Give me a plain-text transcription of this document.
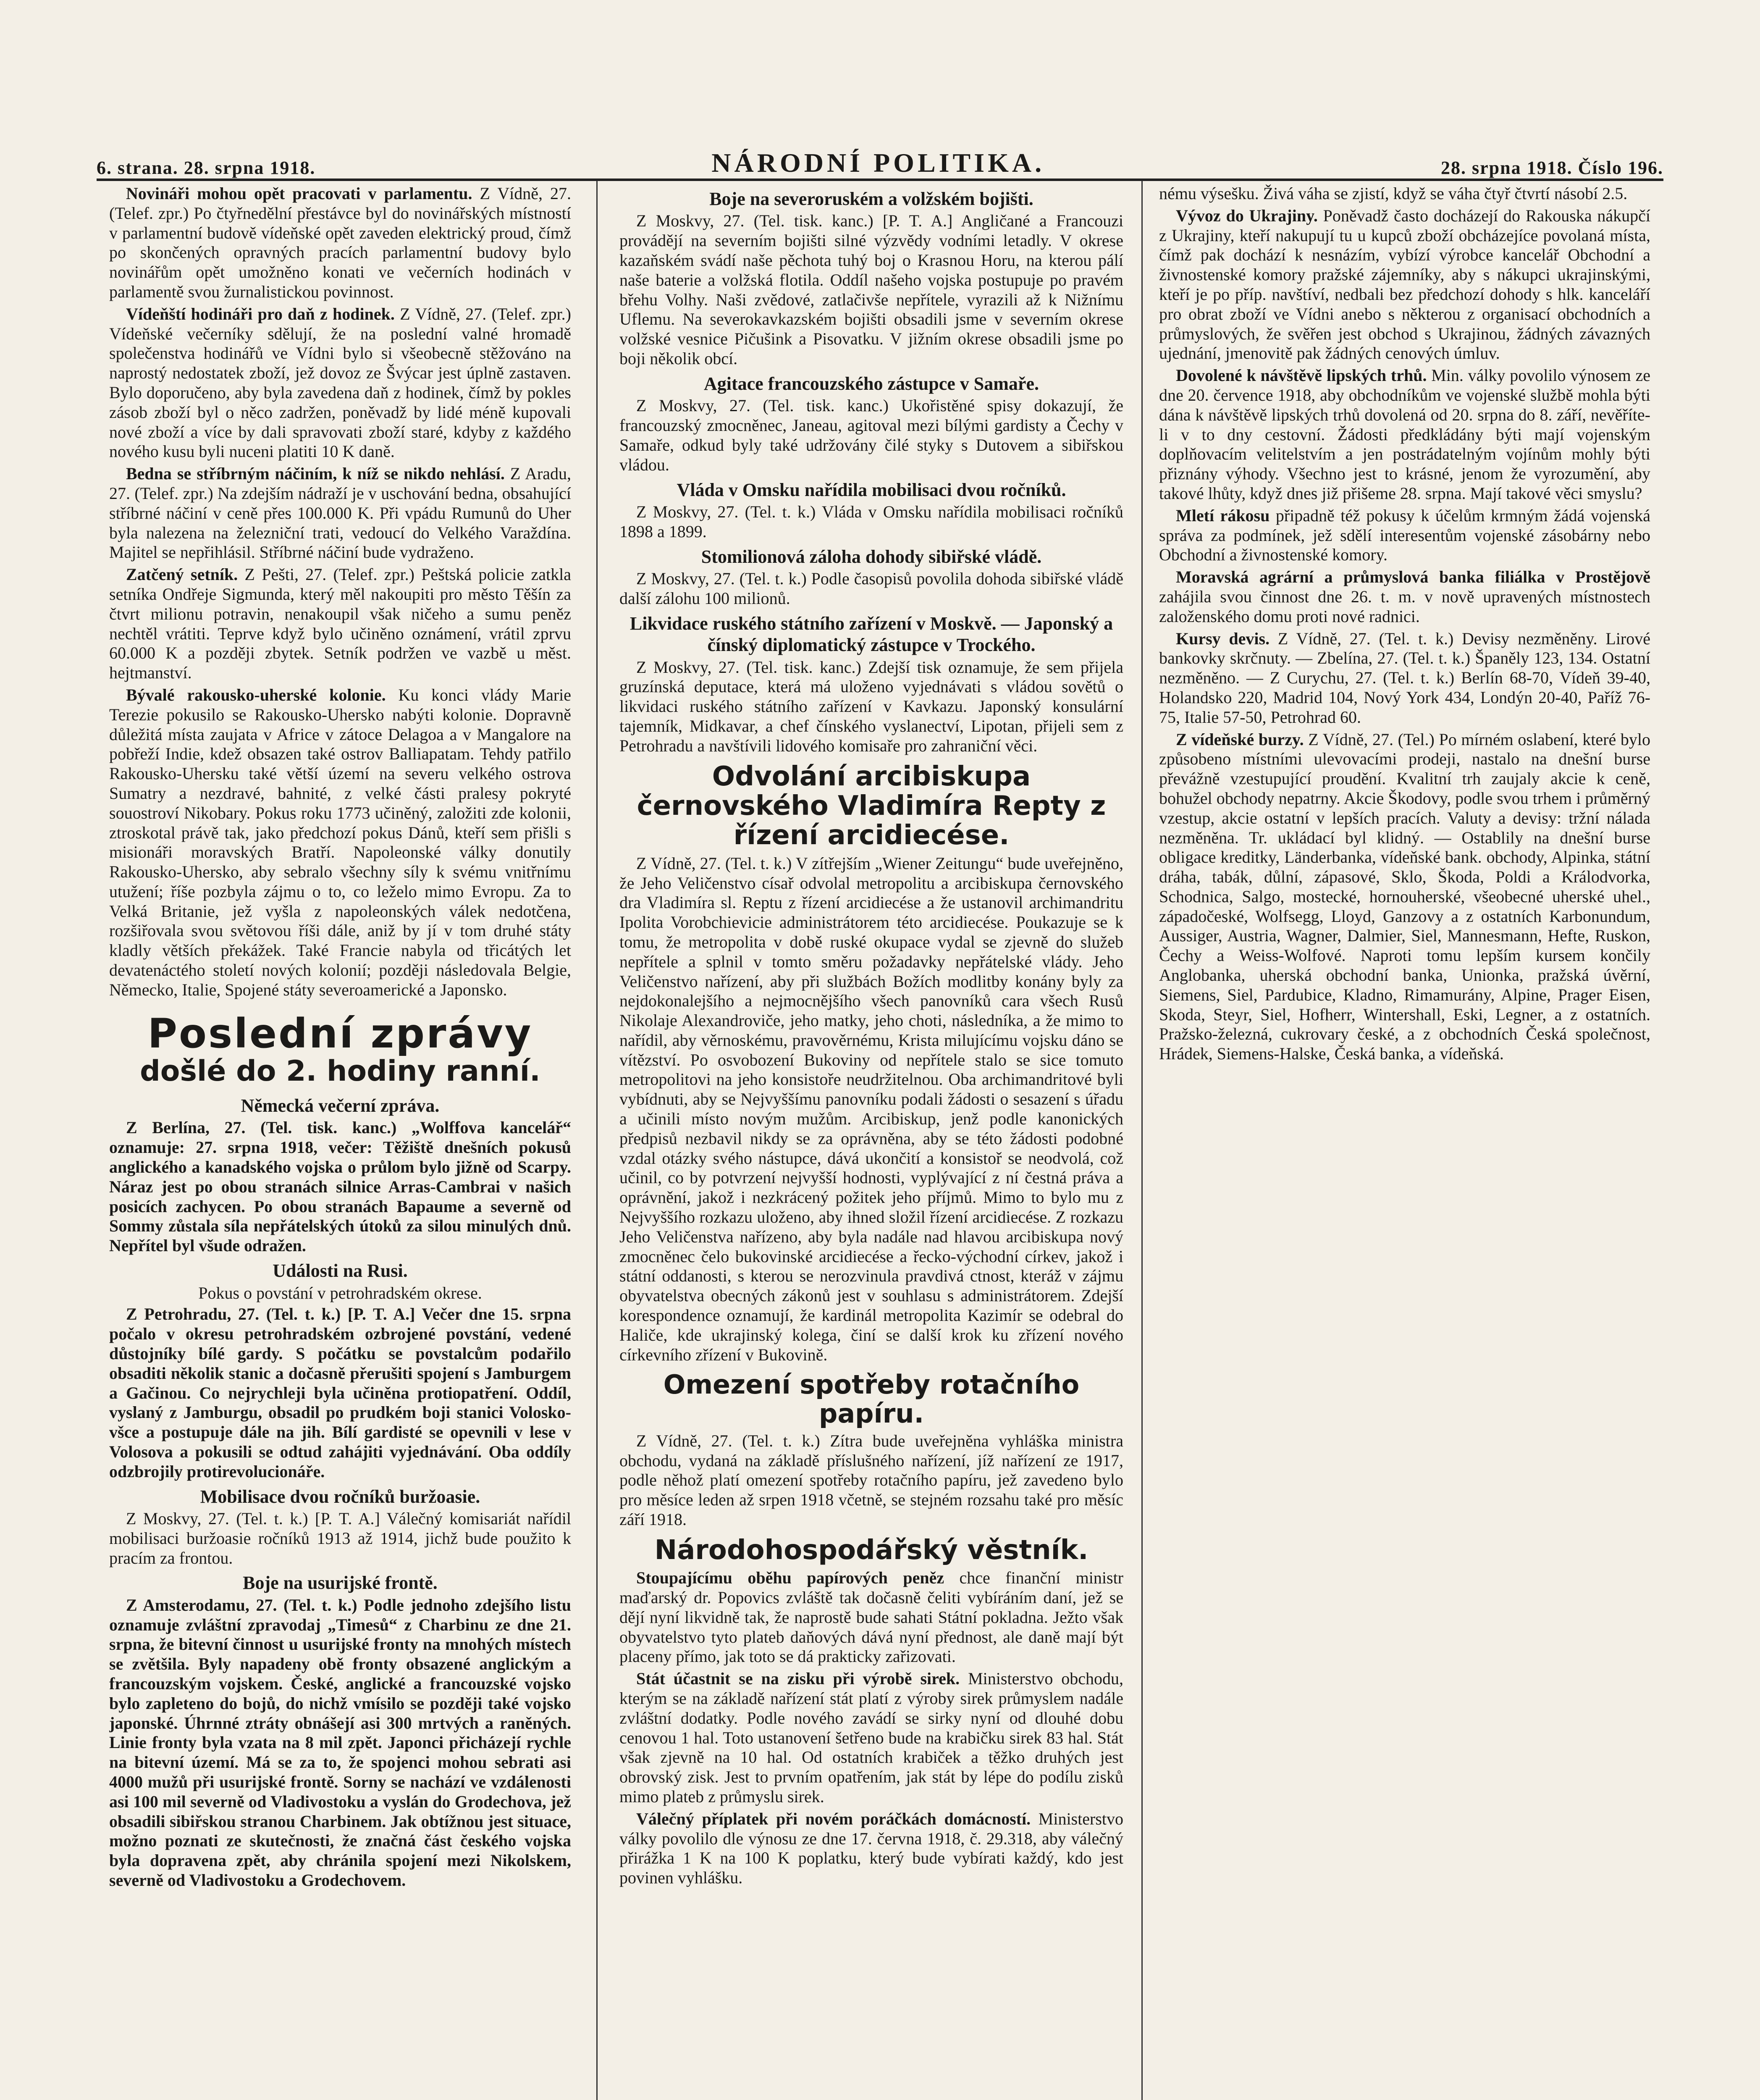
6. strana. 28. srpna 1918.	NÁRODNÍ POLITIKA.	28. srpna 1918. Číslo 196.

Novináři mohou opět pracovati v parlamentu. Z Vídně, 27. (Telef. zpr.) Po čtyřnedělní přestávce byl do novinářských místností v parlamentní budově vídeňské opět zaveden elektrický proud, čímž po skončených opravných pracích parlamentní budovy bylo novinářům opět umožněno konati ve večerních hodinách v parlamentě svou žurnalistickou povinnost.

Vídeňští hodináři pro daň z hodinek. Z Vídně, 27. (Telef. zpr.) Vídeňské večerníky sdělují, že na poslední valné hromadě společenstva hodinářů ve Vídni bylo si všeobecně stěžováno na naprostý nedostatek zboží, jež dovoz ze Švýcar jest úplně zastaven. Bylo doporučeno, aby byla zavedena daň z hodinek, čímž by pokles zásob zboží byl o něco zadržen, poněvadž by lidé méně kupovali nové zboží a více by dali spravovati zboží staré, kdyby z každého nového kusu byli nuceni platiti 10 K daně.

Bedna se stříbrným náčiním, k níž se nikdo nehlásí. Z Aradu, 27. (Telef. zpr.) Na zdejším nádraží je v uschování bedna, obsahující stříbrné náčiní v ceně přes 100.000 K. Při vpádu Rumunů do Uher byla nalezena na železniční trati, vedoucí do Velkého Varaždína. Majitel se nepřihlásil. Stříbrné náčiní bude vydraženo.

Zatčený setník. Z Pešti, 27. (Telef. zpr.) Peštská policie zatkla setníka Ondřeje Sigmunda, který měl nakoupiti pro město Těšín za čtvrt milionu potravin, nenakoupil však ničeho a sumu peněz nechtěl vrátiti. Teprve když bylo učiněno oznámení, vrátil zprvu 60.000 K a později zbytek. Setník podržen ve vazbě u měst. hejtmanství.

Bývalé rakousko-uherské kolonie. Ku konci vlády Marie Terezie pokusilo se Rakousko-Uhersko nabýti kolonie. Dopravně důležitá místa zaujata v Africe v zátoce Delagoa a v Mangalore na pobřeží Indie, kdež obsazen také ostrov Balliapatam. Tehdy patřilo Rakousko-Uhersku také větší území na severu velkého ostrova Sumatry a nezdravé, bahnité, z velké části pralesy pokryté souostroví Nikobary. Pokus roku 1773 učiněný, založiti zde kolonii, ztroskotal právě tak, jako předchozí pokus Dánů, kteří sem přišli s misionáři moravských Bratří. Napoleonské války donutily Rakousko-Uhersko, aby sebralo všechny síly k svému vnitřnímu utužení; říše pozbyla zájmu o to, co leželo mimo Evropu. Za to Velká Britanie, jež vyšla z napoleonských válek nedotčena, rozšiřovala svou světovou říši dále, aniž by jí v tom druhé státy kladly větších překážek. Také Francie nabyla od třicátých let devatenáctého století nových kolonií; později následovala Belgie, Německo, Italie, Spojené státy severoamerické a Japonsko.

Poslední zprávy
došlé do 2. hodiny ranní.
Německá večerní zpráva.

Z Berlína, 27. (Tel. tisk. kanc.) „Wolffova kancelář“ oznamuje: 27. srpna 1918, večer: Těžiště dnešních pokusů anglického a kanadského vojska o průlom bylo jižně od Scarpy. Náraz jest po obou stranách silnice Arras-Cambrai v našich posicích zachycen. Po obou stranách Bapaume a severně od Sommy zůstala síla nepřátelských útoků za silou minulých dnů. Nepřítel byl všude odražen.

Události na Rusi.
Pokus o povstání v petrohradském okrese.

Z Petrohradu, 27. (Tel. t. k.) [P. T. A.] Večer dne 15. srpna počalo v okresu petrohradském ozbrojené povstání, vedené důstojníky bílé gardy. S počátku se povstalcům podařilo obsaditi několik stanic a dočasně přerušiti spojení s Jamburgem a Gačinou. Co nejrychleji byla učiněna protiopatření. Oddíl, vyslaný z Jamburgu, obsadil po prudkém boji stanici Volosko-všce a postupuje dále na jih. Bílí gardisté se opevnili v lese v Volosova a pokusili se odtud zahájiti vyjednávání. Oba oddíly odzbrojily protirevolucionáře.

Mobilisace dvou ročníků buržoasie.

Z Moskvy, 27. (Tel. t. k.) [P. T. A.] Válečný komisariát nařídil mobilisaci buržoasie ročníků 1913 až 1914, jichž bude použito k pracím za frontou.

Boje na usurijské frontě.

Z Amsterodamu, 27. (Tel. t. k.) Podle jednoho zdejšího listu oznamuje zvláštní zpravodaj „Timesů“ z Charbinu ze dne 21. srpna, že bitevní činnost u usurijské fronty na mnohých místech se zvětšila. Byly napadeny obě fronty obsazené anglickým a francouzským vojskem. České, anglické a francouzské vojsko bylo zapleteno do bojů, do nichž vmísilo se později také vojsko japonské. Úhrnné ztráty obnášejí asi 300 mrtvých a raněných. Linie fronty byla vzata na 8 mil zpět. Japonci přicházejí rychle na bitevní území. Má se za to, že spojenci mohou sebrati asi 4000 mužů při usurijské frontě. Sorny se nachází ve vzdálenosti asi 100 mil severně od Vladivostoku a vyslán do Grodechova, jež obsadili sibiřskou stranou Charbinem. Jak obtížnou jest situace, možno poznati ze skutečnosti, že značná část českého vojska byla dopravena zpět, aby chránila spojení mezi Nikolskem, severně od Vladivostoku a Grodechovem.

Boje na severoruském a volžském bojišti.

Z Moskvy, 27. (Tel. tisk. kanc.) [P. T. A.] Angličané a Francouzi provádějí na severním bojišti silné výzvědy vodními letadly. V okrese kazaňském svádí naše pěchota tuhý boj o Krasnou Horu, na kterou pálí naše baterie a volžská flotila. Oddíl našeho vojska postupuje po pravém břehu Volhy. Naši zvědové, zatlačivše nepřítele, vyrazili až k Nižnímu Uflemu. Na severokavkazském bojišti obsadili jsme v severním okrese volžské vesnice Pičušink a Pisovatku. V jižním okrese obsadili jsme po boji několik obcí.

Agitace francouzského zástupce v Samaře.

Z Moskvy, 27. (Tel. tisk. kanc.) Ukořistěné spisy dokazují, že francouzský zmocněnec, Janeau, agitoval mezi bílými gardisty a Čechy v Samaře, odkud byly také udržovány čilé styky s Dutovem a sibiřskou vládou.

Vláda v Omsku nařídila mobilisaci dvou ročníků.

Z Moskvy, 27. (Tel. t. k.) Vláda v Omsku nařídila mobilisaci ročníků 1898 a 1899.

Stomilionová záloha dohody sibiřské vládě.

Z Moskvy, 27. (Tel. t. k.) Podle časopisů povolila dohoda sibiřské vládě další zálohu 100 milionů.

Likvidace ruského státního zařízení v Moskvě. — Japonský a čínský diplomatický zástupce v Trockého.

Z Moskvy, 27. (Tel. tisk. kanc.) Zdejší tisk oznamuje, že sem přijela gruzínská deputace, která má uloženo vyjednávati s vládou sovětů o likvidaci ruského státního zařízení v Kavkazu. Japonský konsulární tajemník, Midkavar, a chef čínského vyslanectví, Lipotan, přijeli sem z Petrohradu a navštívili lidového komisaře pro zahraniční věci.

Odvolání arcibiskupa černovského Vladimíra Repty z řízení arcidiecése.

Z Vídně, 27. (Tel. t. k.) V zítřejším „Wiener Zeitungu“ bude uveřejněno, že Jeho Veličenstvo císař odvolal metropolitu a arcibiskupa černovského dra Vladimíra sl. Reptu z řízení arcidiecése a že ustanovil archimandritu Ipolita Vorobchievicie administrátorem této arcidiecése. Poukazuje se k tomu, že metropolita v době ruské okupace vydal se zjevně do služeb nepřítele a splnil v tomto směru požadavky nepřátelské vlády. Jeho Veličenstvo nařízení, aby při službách Božích modlitby konány byly za nejdokonalejšího a nejmocnějšího všech panovníků cara všech Rusů Nikolaje Alexandroviče, jeho matky, jeho choti, následníka, a že mimo to nařídil, aby věrnoskému, pravověrnému, Krista milujícímu vojsku dáno se vítězství. Po osvobození Bukoviny od nepřítele stalo se sice tomuto metropolitovi na jeho konsistoře neudržitelnou. Oba archimandritové byli vybídnuti, aby se Nejvyššímu panovníku podali žádosti o sesazení s úřadu a učinili místo novým mužům. Arcibiskup, jenž podle kanonických předpisů nezbavil nikdy se za oprávněna, aby se této žádosti podobné vzdal otázky svého nástupce, dává ukončití a konsistoř se neodvolá, což učinil, co by potvrzení nejvyšší hodnosti, vyplývající z ní čestná práva a oprávnění, jakož i nezkrácený požitek jeho příjmů. Mimo to bylo mu z Nejvyššího rozkazu uloženo, aby ihned složil řízení arcidiecése. Z rozkazu Jeho Veličenstva nařízeno, aby byla nadále nad hlavou arcibiskupa nový zmocněnec čelo bukovinské arcidiecése a řecko-východní církev, jakož i státní oddanosti, s kterou se nerozvinula pravdivá ctnost, kteráž v zájmu obyvatelstva obecných zákonů jest v souhlasu s administrátorem. Zdejší korespondence oznamují, že kardinál metropolita Kazimír se odebral do Haliče, kde ukrajinský kolega, činí se další krok ku zřízení nového církevního zřízení v Bukovině.

Omezení spotřeby rotačního papíru.

Z Vídně, 27. (Tel. t. k.) Zítra bude uveřejněna vyhláška ministra obchodu, vydaná na základě příslušného nařízení, jíž nařízení ze 1917, podle něhož platí omezení spotřeby rotačního papíru, jež zavedeno bylo pro měsíce leden až srpen 1918 včetně, se stejném rozsahu také pro měsíc září 1918.

Národohospodářský věstník.

Stoupajícímu oběhu papírových peněz chce finanční ministr maďarský dr. Popovics zvláště tak dočasně čeliti vybíráním daní, jež se dějí nyní likvidně tak, že naprostě bude sahati Státní pokladna. Ježto však obyvatelstvo tyto plateb daňových dává nyní přednost, ale daně mají být placeny přímo, jak toto se dá prakticky zařizovati.

Stát účastnit se na zisku při výrobě sirek. Ministerstvo obchodu, kterým se na základě nařízení stát platí z výroby sirek průmyslem nadále zvláštní dodatky. Podle nového zavádí se sirky nyní od dlouhé dobu cenovou 1 hal. Toto ustanovení šetřeno bude na krabičku sirek 83 hal. Stát však zjevně na 10 hal. Od ostatních krabiček a těžko druhých jest obrovský zisk. Jest to prvním opatřením, jak stát by lépe do podílu zisků mimo plateb z průmyslu sirek.

Válečný příplatek při novém poráčkách domácností. Ministerstvo války povolilo dle výnosu ze dne 17. června 1918, č. 29.318, aby válečný přirážka 1 K na 100 K poplatku, který bude vybírati každý, kdo jest povinen vyhlášku.

nému výsešku. Živá váha se zjistí, když se váha čtyř čtvrtí násobí 2.5.

Vývoz do Ukrajiny. Poněvadž často docházejí do Rakouska nákupčí z Ukrajiny, kteří nakupují tu u kupců zboží obcházejíce povolaná místa, čímž pak dochází k nesnázím, vybízí výrobce kancelář Obchodní a živnostenské komory pražské zájemníky, aby s nákupci ukrajinskými, kteří je po příp. navštíví, nedbali bez předchozí dohody s hlk. kanceláří pro obrat zboží ve Vídni anebo s některou z organisací obchodních a průmyslových, že svěřen jest obchod s Ukrajinou, žádných závazných ujednání, jmenovitě pak žádných cenových úmluv.

Dovolené k návštěvě lipských trhů. Min. války povolilo výnosem ze dne 20. července 1918, aby obchodníkům ve vojenské službě mohla býti dána k návštěvě lipských trhů dovolená od 20. srpna do 8. září, nevěříte-li v to dny cestovní. Žádosti předkládány býti mají vojenským doplňovacím velitelstvím a jen postrádatelným vojínům mohly býti přiznány výhody. Všechno jest to krásné, jenom že vyrozumění, aby takové lhůty, když dnes již přišeme 28. srpna. Mají takové věci smyslu?

Mletí rákosu připadně též pokusy k účelům krmným žádá vojenská správa za podmínek, jež sdělí interesentům vojenské zásobárny nebo Obchodní a živnostenské komory.

Moravská agrární a průmyslová banka filiálka v Prostějově zahájila svou činnost dne 26. t. m. v nově upravených místnostech založenského domu proti nové radnici.

Kursy devis. Z Vídně, 27. (Tel. t. k.) Devisy nezměněny. Lirové bankovky skrčnuty. — Zbelína, 27. (Tel. t. k.) Španěly 123, 134. Ostatní nezměněno. — Z Curychu, 27. (Tel. t. k.) Berlín 68-70, Vídeň 39-40, Holandsko 220, Madrid 104, Nový York 434, Londýn 20-40, Paříž 76-75, Italie 57-50, Petrohrad 60.

Z vídeňské burzy. Z Vídně, 27. (Tel.) Po mírném oslabení, které bylo způsobeno místními ulevovacími prodeji, nastalo na dnešní burse převážně vzestupující proudění. Kvalitní trh zaujaly akcie k ceně, bohužel obchody nepatrny. Akcie Škodovy, podle svou trhem i průměrný vzestup, akcie ostatní v lepších pracích. Valuty a devisy: tržní nálada nezměněna. Tr. ukládací byl klidný. — Ostablily na dnešní burse obligace kreditky, Länderbanka, vídeňské bank. obchody, Alpinka, státní dráha, tabák, důlní, zápasové, Sklo, Škoda, Poldi a Králodvorka, Schodnica, Salgo, mostecké, hornouherské, všeobecné uherské uhel., západočeské, Wolfsegg, Lloyd, Ganzovy a z ostatních Karbonundum, Aussiger, Austria, Wagner, Dalmier, Siel, Mannesmann, Hefte, Ruskon, Čechy a Weiss-Wolfové. Naproti tomu lepším kursem končily Anglobanka, uherská obchodní banka, Unionka, pražská úvěrní, Siemens, Siel, Pardubice, Kladno, Rimamurány, Alpine, Prager Eisen, Skoda, Steyr, Siel, Hofherr, Wintershall, Eski, Legner, a z ostatních. Pražsko-železná, cukrovary české, a z obchodních Česká společnost, Hrádek, Siemens-Halske, Česká banka, a vídeňská.
